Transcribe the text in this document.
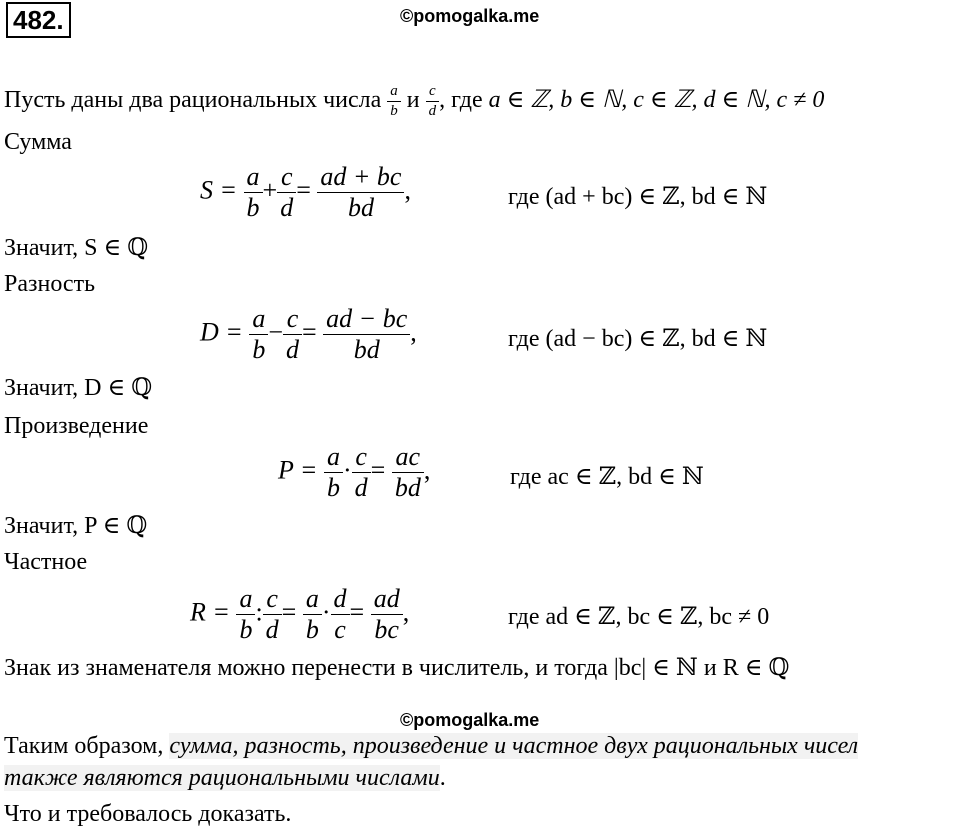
482.	©pomogalka.me
Пусть даны два рациональных числа $\frac{a}{b}$ и $\frac{c}{d}$ , где a ∈ ℤ, b ∈ ℕ, c ∈ ℤ, d ∈ ℕ, c ≠ 0
Сумма
$S = \frac{a}{b} + \frac{c}{d} = \frac{ad + bc}{bd}$ ,	где (ad + bc) ∈ ℤ, bd ∈ ℕ
Значит, S ∈ ℚ
Разность
$D = \frac{a}{b} - \frac{c}{d} = \frac{ad - bc}{bd}$ ,	где (ad − bc) ∈ ℤ, bd ∈ ℕ
Значит, D ∈ ℚ
Произведение
$P = \frac{a}{b} \cdot \frac{c}{d} = \frac{ac}{bd}$ ,	где ac ∈ ℤ, bd ∈ ℕ
Значит, P ∈ ℚ
Частное
$R = \frac{a}{b}$ : $\frac{c}{d} = \frac{a}{b} \cdot \frac{d}{c} = \frac{ad}{bc}$ ,	где ad ∈ ℤ, bc ∈ ℤ, bc ≠ 0
Знак из знаменателя можно перенести в числитель, и тогда |bc| ∈ ℕ и R ∈ ℚ
©pomogalka.me
Таким образом, сумма, разность, произведение и частное двух рациональных чисел
также являются рациональными числами.
Что и требовалось доказать.
